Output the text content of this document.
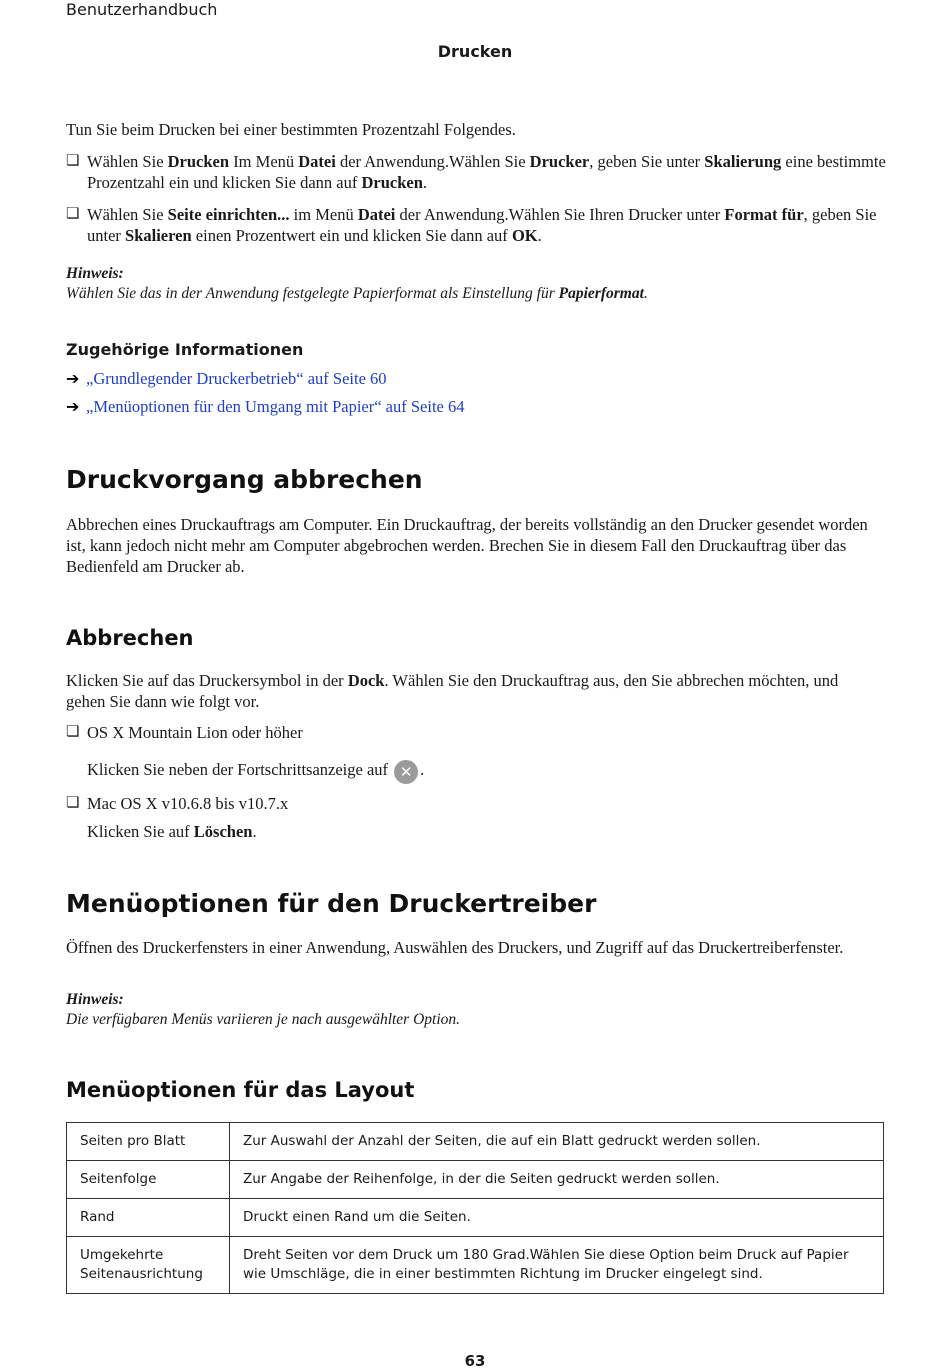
Benutzerhandbuch
Drucken
Tun Sie beim Drucken bei einer bestimmten Prozentzahl Folgendes.
❏ Wählen Sie Drucken Im Menü Datei der Anwendung.Wählen Sie Drucker, geben Sie unter Skalierung eine bestimmte Prozentzahl ein und klicken Sie dann auf Drucken.
❏ Wählen Sie Seite einrichten... im Menü Datei der Anwendung.Wählen Sie Ihren Drucker unter Format für, geben Sie unter Skalieren einen Prozentwert ein und klicken Sie dann auf OK.
Hinweis:
Wählen Sie das in der Anwendung festgelegte Papierformat als Einstellung für Papierformat.
Zugehörige Informationen
➔ „Grundlegender Druckerbetrieb“ auf Seite 60
➔ „Menüoptionen für den Umgang mit Papier“ auf Seite 64
Druckvorgang abbrechen
Abbrechen eines Druckauftrags am Computer. Ein Druckauftrag, der bereits vollständig an den Drucker gesendet worden ist, kann jedoch nicht mehr am Computer abgebrochen werden. Brechen Sie in diesem Fall den Druckauftrag über das Bedienfeld am Drucker ab.
Abbrechen
Klicken Sie auf das Druckersymbol in der Dock. Wählen Sie den Druckauftrag aus, den Sie abbrechen möchten, und gehen Sie dann wie folgt vor.
❏ OS X Mountain Lion oder höher
Klicken Sie neben der Fortschrittsanzeige auf ✕ .
❏ Mac OS X v10.6.8 bis v10.7.x
Klicken Sie auf Löschen.
Menüoptionen für den Druckertreiber
Öffnen des Druckerfensters in einer Anwendung, Auswählen des Druckers, und Zugriff auf das Druckertreiberfenster.
Hinweis:
Die verfügbaren Menüs variieren je nach ausgewählter Option.
Menüoptionen für das Layout
Seiten pro Blatt	Zur Auswahl der Anzahl der Seiten, die auf ein Blatt gedruckt werden sollen.
Seitenfolge	Zur Angabe der Reihenfolge, in der die Seiten gedruckt werden sollen.
Rand	Druckt einen Rand um die Seiten.
Umgekehrte Seitenausrichtung	Dreht Seiten vor dem Druck um 180 Grad.Wählen Sie diese Option beim Druck auf Papier wie Umschläge, die in einer bestimmten Richtung im Drucker eingelegt sind.
63
